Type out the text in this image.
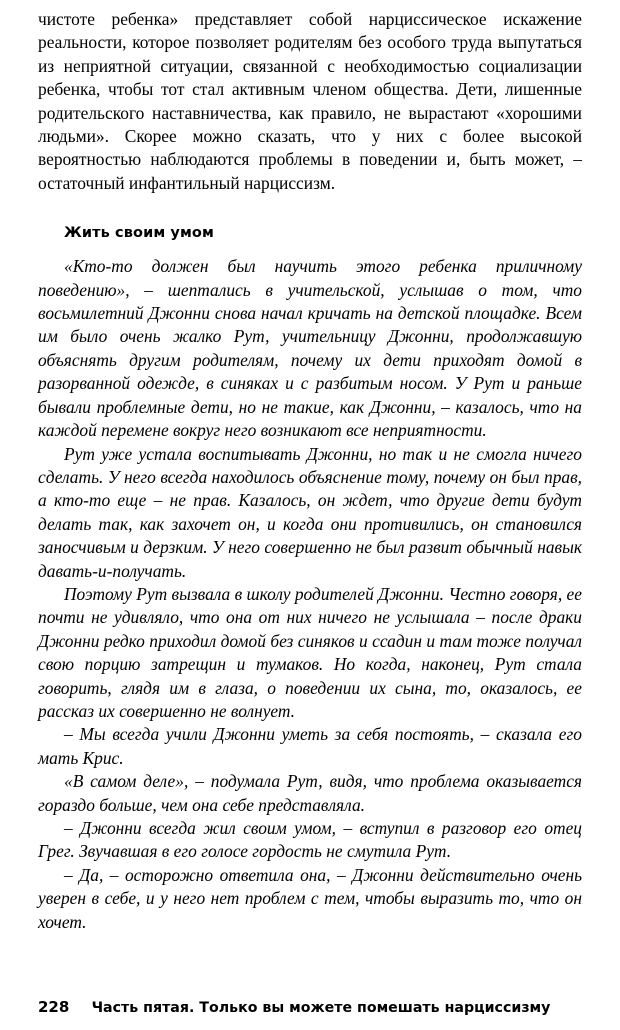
чистоте ребенка» представляет собой нарциссическое искажение реальности, которое позволяет родителям без особого труда выпутаться из неприятной ситуации, связанной с необходимостью социализации ребенка, чтобы тот стал активным членом общества. Дети, лишенные родительского наставничества, как правило, не вырастают «хорошими людьми». Скорее можно сказать, что у них с более высокой вероятностью наблюдаются проблемы в поведении и, быть может, – остаточный инфантильный нарциссизм.

Жить своим умом

«Кто-то должен был научить этого ребенка приличному поведению», – шептались в учительской, услышав о том, что восьмилетний Джонни снова начал кричать на детской площадке. Всем им было очень жалко Рут, учительницу Джонни, продолжавшую объяснять другим родителям, почему их дети приходят домой в разорванной одежде, в синяках и с разбитым носом. У Рут и раньше бывали проблемные дети, но не такие, как Джонни, – казалось, что на каждой перемене вокруг него возникают все неприятности.

Рут уже устала воспитывать Джонни, но так и не смогла ничего сделать. У него всегда находилось объяснение тому, почему он был прав, а кто-то еще – не прав. Казалось, он ждет, что другие дети будут делать так, как захочет он, и когда они противились, он становился заносчивым и дерзким. У него совершенно не был развит обычный навык давать-и-получать.

Поэтому Рут вызвала в школу родителей Джонни. Честно говоря, ее почти не удивляло, что она от них ничего не услышала – после драки Джонни редко приходил домой без синяков и ссадин и там тоже получал свою порцию затрещин и тумаков. Но когда, наконец, Рут стала говорить, глядя им в глаза, о поведении их сына, то, оказалось, ее рассказ их совершенно не волнует.

– Мы всегда учили Джонни уметь за себя постоять, – сказала его мать Крис.

«В самом деле», – подумала Рут, видя, что проблема оказывается гораздо больше, чем она себе представляла.

– Джонни всегда жил своим умом, – вступил в разговор его отец Грег. Звучавшая в его голосе гордость не смутила Рут.

– Да, – осторожно ответила она, – Джонни действительно очень уверен в себе, и у него нет проблем с тем, чтобы выразить то, что он хочет.

228	Часть пятая. Только вы можете помешать нарциссизму
